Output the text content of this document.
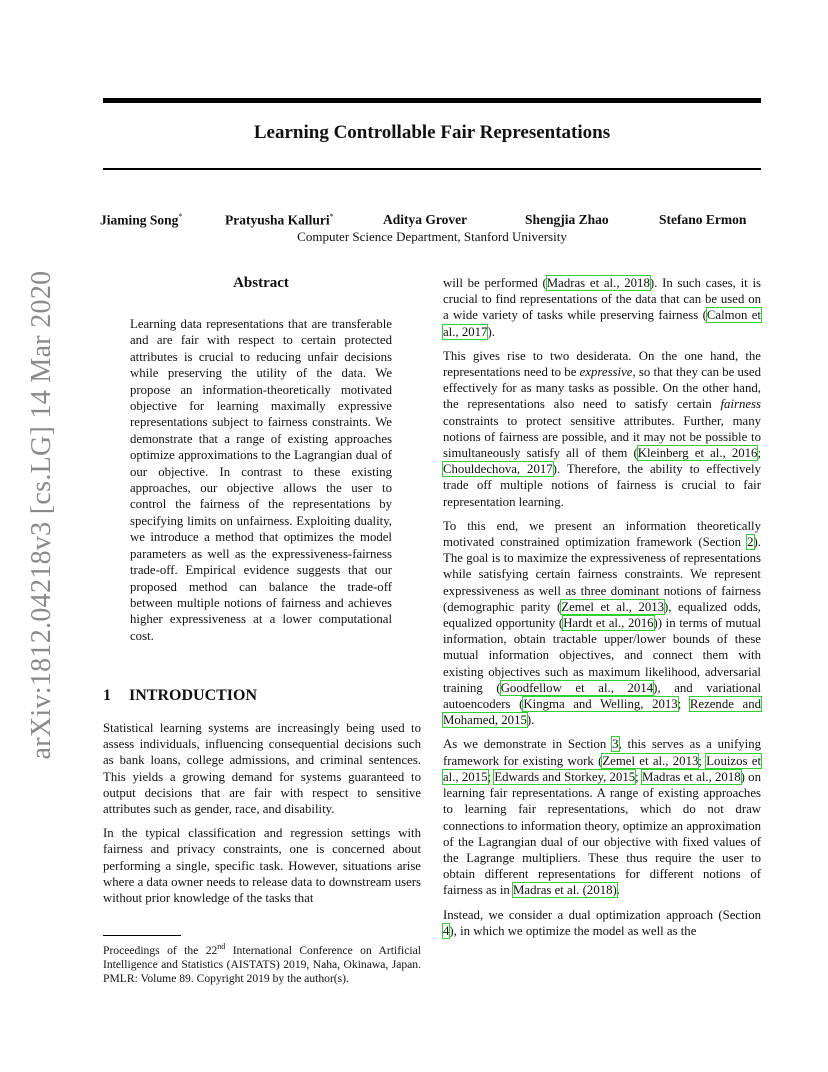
arXiv:1812.04218v3 [cs.LG] 14 Mar 2020
Learning Controllable Fair Representations
Jiaming Song*	Pratyusha Kalluri*	Aditya Grover	Shengjia Zhao	Stefano Ermon
Computer Science Department, Stanford University
Abstract
Learning data representations that are transferable and are fair with respect to certain protected attributes is crucial to reducing unfair decisions while preserving the utility of the data. We propose an information-theoretically motivated objective for learning maximally expressive representations subject to fairness constraints. We demonstrate that a range of existing approaches optimize approximations to the Lagrangian dual of our objective. In contrast to these existing approaches, our objective allows the user to control the fairness of the representations by specifying limits on unfairness. Exploiting duality, we introduce a method that optimizes the model parameters as well as the expressiveness-fairness trade-off. Empirical evidence suggests that our proposed method can balance the trade-off between multiple notions of fairness and achieves higher expressiveness at a lower computational cost.
1 INTRODUCTION

Statistical learning systems are increasingly being used to assess individuals, influencing consequential decisions such as bank loans, college admissions, and criminal sentences. This yields a growing demand for systems guaranteed to output decisions that are fair with respect to sensitive attributes such as gender, race, and disability.

In the typical classification and regression settings with fairness and privacy constraints, one is concerned about performing a single, specific task. However, situations arise where a data owner needs to release data to downstream users without prior knowledge of the tasks that

Proceedings of the 22nd International Conference on Artificial Intelligence and Statistics (AISTATS) 2019, Naha, Okinawa, Japan. PMLR: Volume 89. Copyright 2019 by the author(s).

will be performed (Madras et al., 2018). In such cases, it is crucial to find representations of the data that can be used on a wide variety of tasks while preserving fairness (Calmon et al., 2017).

This gives rise to two desiderata. On the one hand, the representations need to be expressive, so that they can be used effectively for as many tasks as possible. On the other hand, the representations also need to satisfy certain fairness constraints to protect sensitive attributes. Further, many notions of fairness are possible, and it may not be possible to simultaneously satisfy all of them (Kleinberg et al., 2016; Chouldechova, 2017). Therefore, the ability to effectively trade off multiple notions of fairness is crucial to fair representation learning.

To this end, we present an information theoretically motivated constrained optimization framework (Section 2). The goal is to maximize the expressiveness of representations while satisfying certain fairness constraints. We represent expressiveness as well as three dominant notions of fairness (demographic parity (Zemel et al., 2013), equalized odds, equalized opportunity (Hardt et al., 2016)) in terms of mutual information, obtain tractable upper/lower bounds of these mutual information objectives, and connect them with existing objectives such as maximum likelihood, adversarial training (Goodfellow et al., 2014), and variational autoencoders (Kingma and Welling, 2013; Rezende and Mohamed, 2015).

As we demonstrate in Section 3, this serves as a unifying framework for existing work (Zemel et al., 2013; Louizos et al., 2015; Edwards and Storkey, 2015; Madras et al., 2018) on learning fair representations. A range of existing approaches to learning fair representations, which do not draw connections to information theory, optimize an approximation of the Lagrangian dual of our objective with fixed values of the Lagrange multipliers. These thus require the user to obtain different representations for different notions of fairness as in Madras et al. (2018).

Instead, we consider a dual optimization approach (Section 4), in which we optimize the model as well as the
